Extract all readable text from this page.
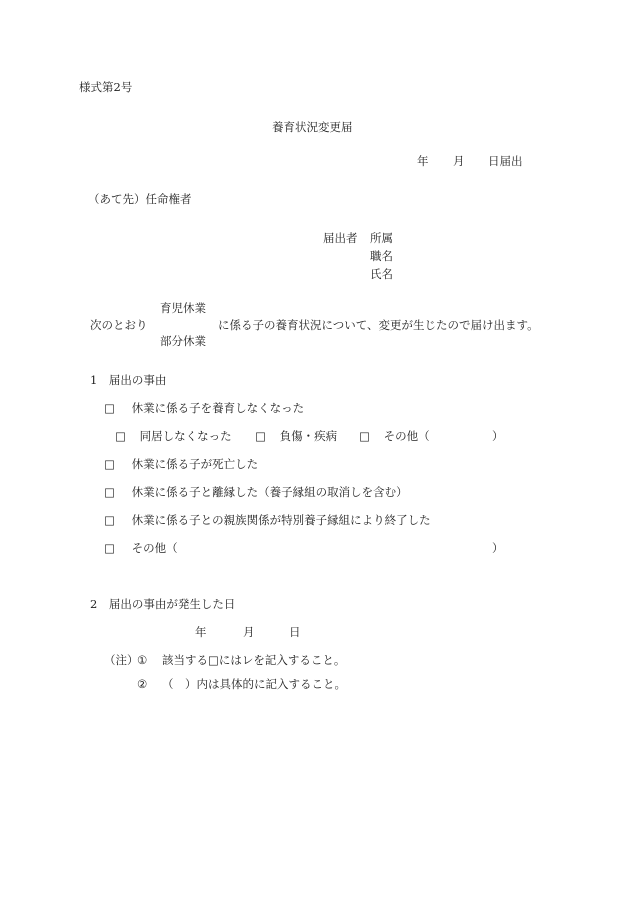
様式第2号
養育状況変更届
年 月 日届出
（あて先）任命権者
届出者 所属
職名
氏名
育児休業
次のとおり	に係る子の養育状況について、変更が生じたので届け出ます。
部分休業
1　届出の事由
□ 休業に係る子を養育しなくなった
□ 同居しなくなった □ 負傷・疾病 □ その他（	）
□ 休業に係る子が死亡した
□ 休業に係る子と離縁した（養子縁組の取消しを含む）
□ 休業に係る子との親族関係が特別養子縁組により終了した
□ その他（	）
2　届出の事由が発生した日
年	月	日
（注）
① 該当する□にはレを記入すること。
② （　）内は具体的に記入すること。
